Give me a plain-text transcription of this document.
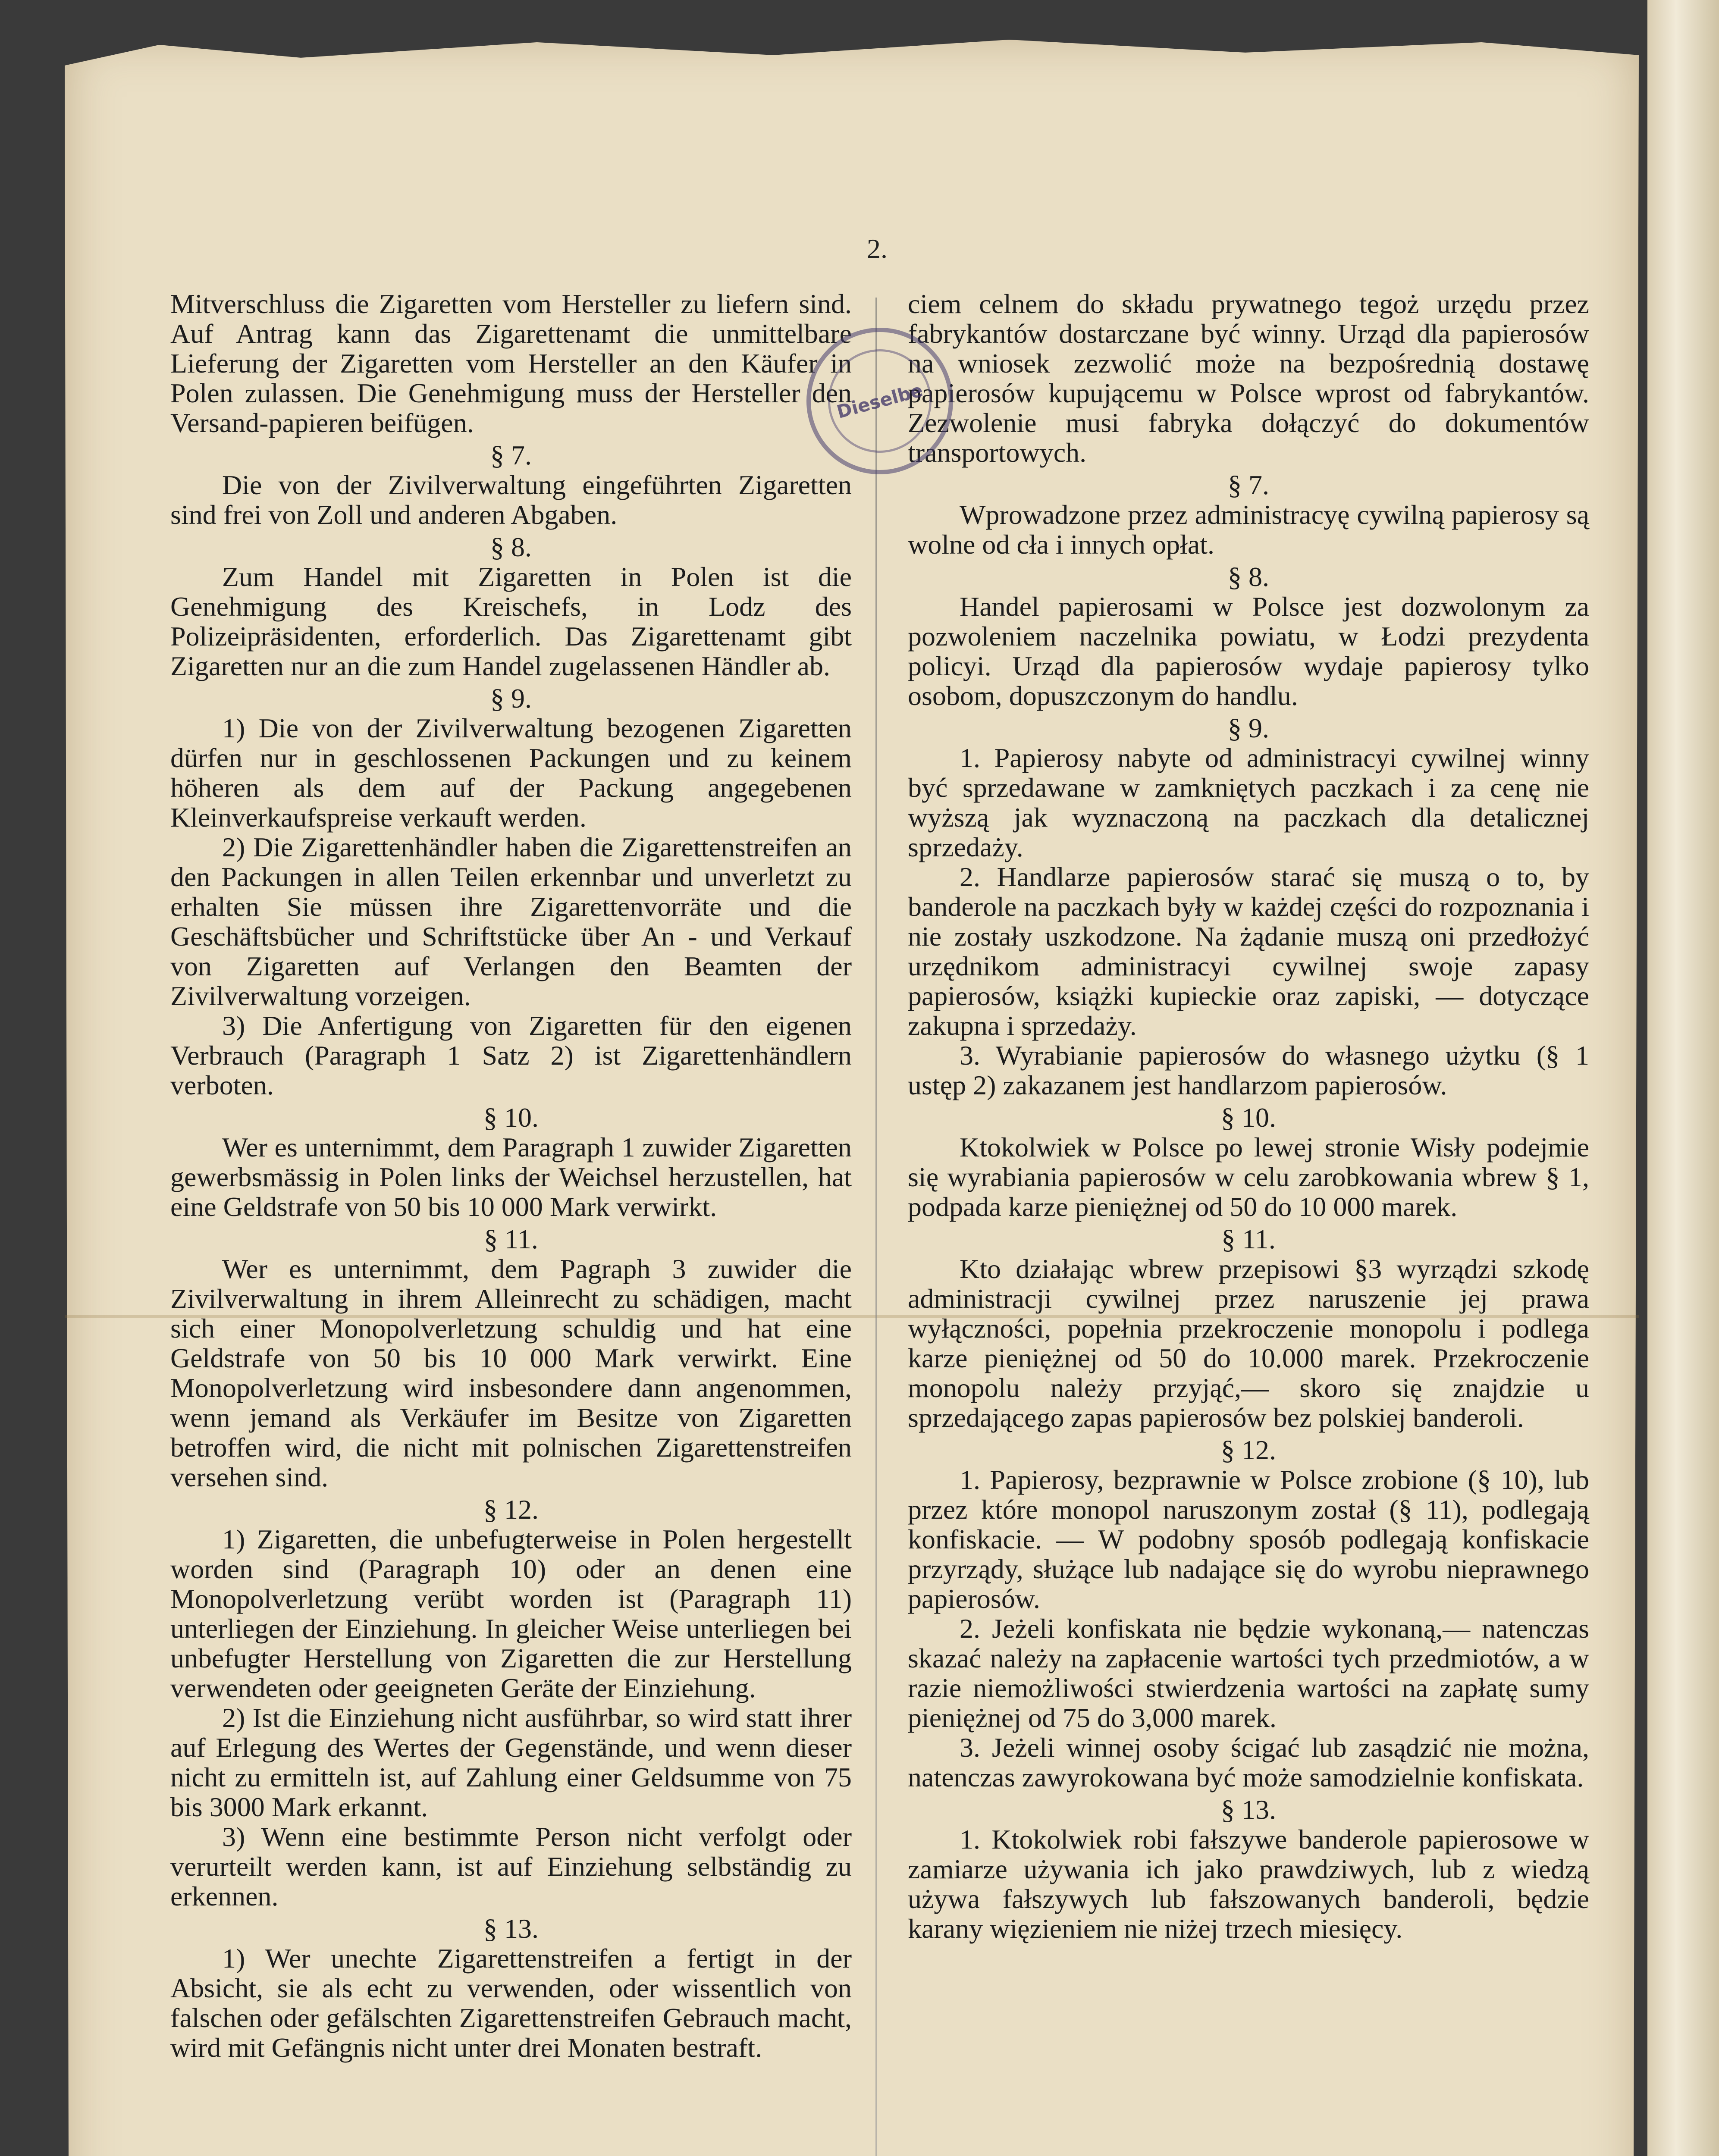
2.

Mitverschluss die Zigaretten vom Hersteller zu liefern sind. Auf Antrag kann das Zigarettenamt die unmittelbare Lieferung der Zigaretten vom Hersteller an den Käufer in Polen zulassen. Die Genehmigung muss der Hersteller den Versand-papieren beifügen.

§ 7.

Die von der Zivilverwaltung eingeführten Zigaretten sind frei von Zoll und anderen Abgaben.

§ 8.

Zum Handel mit Zigaretten in Polen ist die Genehmigung des Kreischefs, in Lodz des Polizeipräsidenten, erforderlich. Das Zigarettenamt gibt Zigaretten nur an die zum Handel zugelassenen Händler ab.

§ 9.

1) Die von der Zivilverwaltung bezogenen Zigaretten dürfen nur in geschlossenen Packungen und zu keinem höheren als dem auf der Packung angegebenen Kleinverkaufspreise verkauft werden.

2) Die Zigarettenhändler haben die Zigarettenstreifen an den Packungen in allen Teilen erkennbar und unverletzt zu erhalten Sie müssen ihre Zigarettenvorräte und die Geschäftsbücher und Schriftstücke über An - und Verkauf von Zigaretten auf Verlangen den Beamten der Zivilverwaltung vorzeigen.

3) Die Anfertigung von Zigaretten für den eigenen Verbrauch (Paragraph 1 Satz 2) ist Zigarettenhändlern verboten.

§ 10.

Wer es unternimmt, dem Paragraph 1 zuwider Zigaretten gewerbsmässig in Polen links der Weichsel herzustellen, hat eine Geldstrafe von 50 bis 10 000 Mark verwirkt.

§ 11.

Wer es unternimmt, dem Pagraph 3 zuwider die Zivilverwaltung in ihrem Alleinrecht zu schädigen, macht sich einer Monopolverletzung schuldig und hat eine Geldstrafe von 50 bis 10 000 Mark verwirkt. Eine Monopolverletzung wird insbesondere dann angenommen, wenn jemand als Verkäufer im Besitze von Zigaretten betroffen wird, die nicht mit polnischen Zigarettenstreifen versehen sind.

§ 12.

1) Zigaretten, die unbefugterweise in Polen hergestellt worden sind (Paragraph 10) oder an denen eine Monopolverletzung verübt worden ist (Paragraph 11) unterliegen der Einziehung. In gleicher Weise unterliegen bei unbefugter Herstellung von Zigaretten die zur Herstellung verwendeten oder geeigneten Geräte der Einziehung.

2) Ist die Einziehung nicht ausführbar, so wird statt ihrer auf Erlegung des Wertes der Gegenstände, und wenn dieser nicht zu ermitteln ist, auf Zahlung einer Geldsumme von 75 bis 3000 Mark erkannt.

3) Wenn eine bestimmte Person nicht verfolgt oder verurteilt werden kann, ist auf Einziehung selbständig zu erkennen.

§ 13.

1) Wer unechte Zigarettenstreifen a fertigt in der Absicht, sie als echt zu verwenden, oder wissentlich von falschen oder gefälschten Zigarettenstreifen Gebrauch macht, wird mit Gefängnis nicht unter drei Monaten bestraft.

ciem celnem do składu prywatnego tegoż urzędu przez fabrykantów dostarczane być winny. Urząd dla papierosów na wniosek zezwolić może na bezpośrednią dostawę papierosów kupującemu w Polsce wprost od fabrykantów. Zezwolenie musi fabryka dołączyć do dokumentów transportowych.

§ 7.

Wprowadzone przez administracyę cywilną papierosy są wolne od cła i innych opłat.

§ 8.

Handel papierosami w Polsce jest dozwolonym za pozwoleniem naczelnika powiatu, w Łodzi prezydenta policyi. Urząd dla papierosów wydaje papierosy tylko osobom, dopuszczonym do handlu.

§ 9.

1. Papierosy nabyte od administracyi cywilnej winny być sprzedawane w zamkniętych paczkach i za cenę nie wyższą jak wyznaczoną na paczkach dla detalicznej sprzedaży.

2. Handlarze papierosów starać się muszą o to, by banderole na paczkach były w każdej części do rozpoznania i nie zostały uszkodzone. Na żądanie muszą oni przedłożyć urzędnikom administracyi cywilnej swoje zapasy papierosów, książki kupieckie oraz zapiski, — dotyczące zakupna i sprzedaży.

3. Wyrabianie papierosów do własnego użytku (§ 1 ustęp 2) zakazanem jest handlarzom papierosów.

§ 10.

Ktokolwiek w Polsce po lewej stronie Wisły podejmie się wyrabiania papierosów w celu zarobkowania wbrew § 1, podpada karze pieniężnej od 50 do 10 000 marek.

§ 11.

Kto działając wbrew przepisowi §3 wyrządzi szkodę administracji cywilnej przez naruszenie jej prawa wyłączności, popełnia przekroczenie monopolu i podlega karze pieniężnej od 50 do 10.000 marek. Przekroczenie monopolu należy przyjąć,— skoro się znajdzie u sprzedającego zapas papierosów bez polskiej banderoli.

§ 12.

1. Papierosy, bezprawnie w Polsce zrobione (§ 10), lub przez które monopol naruszonym został (§ 11), podlegają konfiskacie. — W podobny sposób podlegają konfiskacie przyrządy, służące lub nadające się do wyrobu nieprawnego papierosów.

2. Jeżeli konfiskata nie będzie wykonaną,— natenczas skazać należy na zapłacenie wartości tych przedmiotów, a w razie niemożliwości stwierdzenia wartości na zapłatę sumy pieniężnej od 75 do 3,000 marek.

3. Jeżeli winnej osoby ścigać lub zasądzić nie można, natenczas zawyrokowana być może samodzielnie konfiskata.

§ 13.

1. Ktokolwiek robi fałszywe banderole papierosowe w zamiarze używania ich jako prawdziwych, lub z wiedzą używa fałszywych lub fałszowanych banderoli, będzie karany więzieniem nie niżej trzech miesięcy.

Dieselbe
